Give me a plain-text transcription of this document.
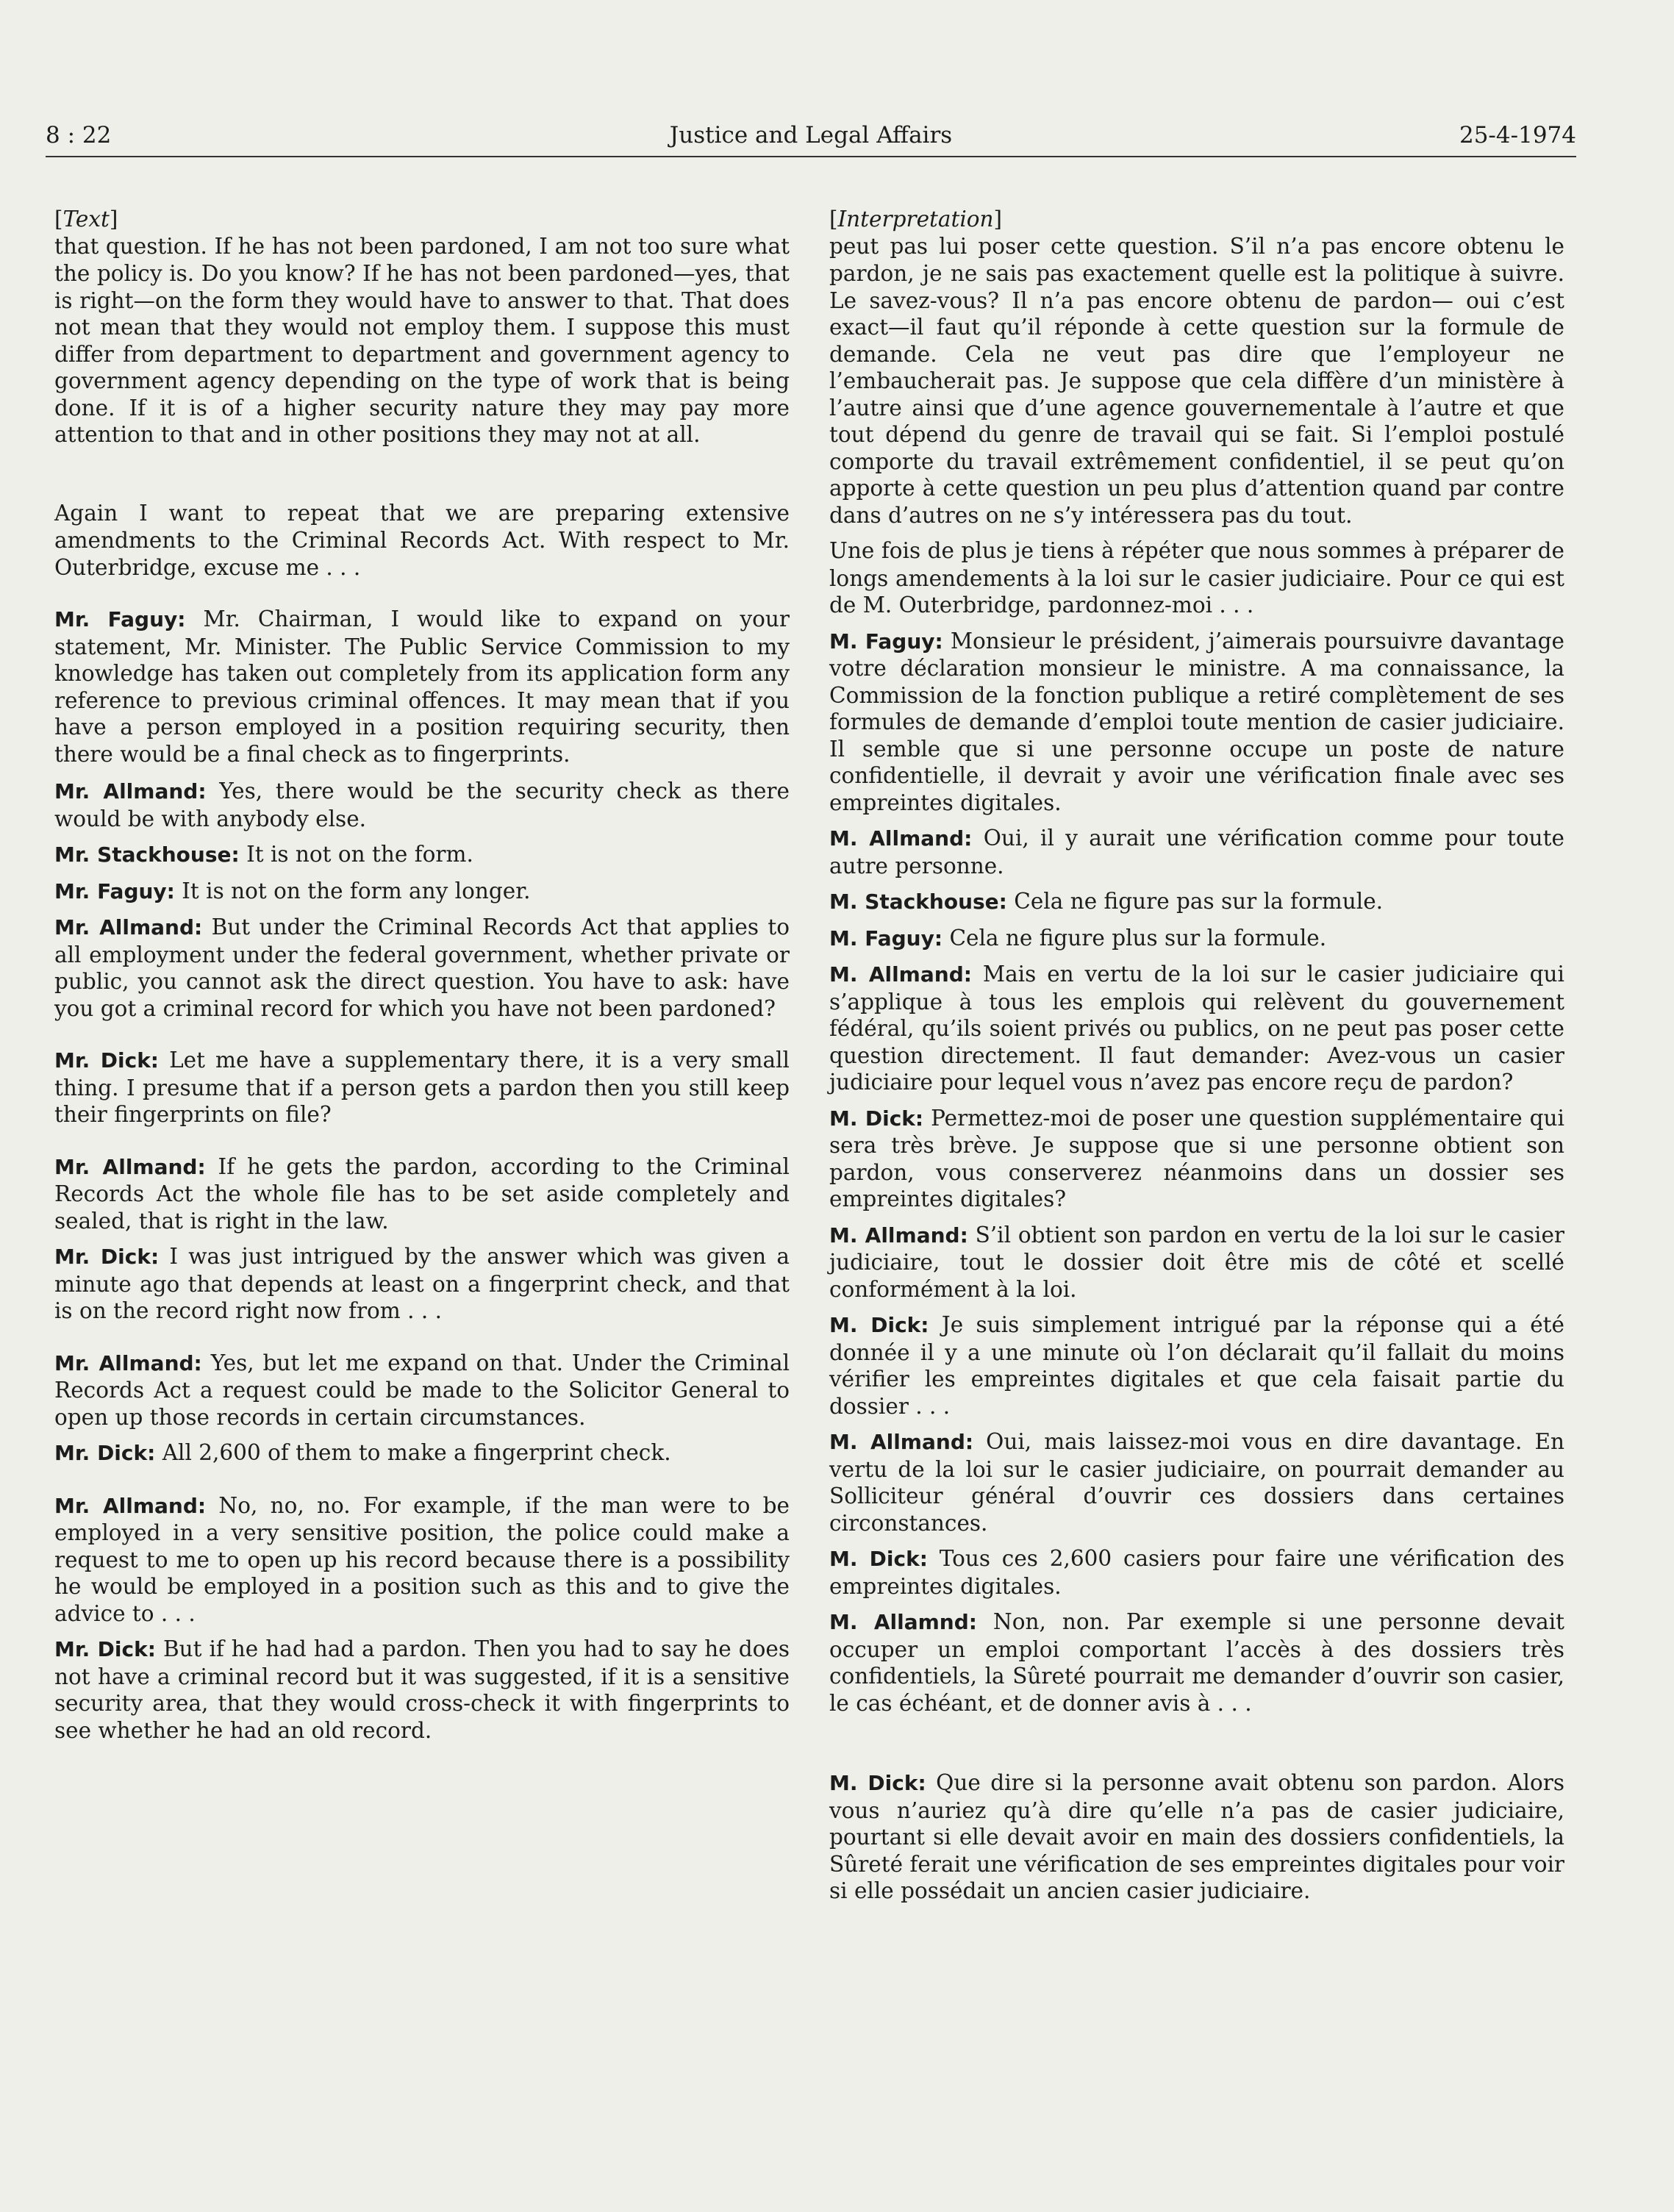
8 : 22	Justice and Legal Affairs	25-4-1974

[Text]

that question. If he has not been pardoned, I am not too sure what the policy is. Do you know? If he has not been pardoned—yes, that is right—on the form they would have to answer to that. That does not mean that they would not employ them. I suppose this must differ from department to department and government agency to government agency depending on the type of work that is being done. If it is of a higher security nature they may pay more attention to that and in other positions they may not at all.

Again I want to repeat that we are preparing extensive amendments to the Criminal Records Act. With respect to Mr. Outerbridge, excuse me . . .

Mr. Faguy: Mr. Chairman, I would like to expand on your statement, Mr. Minister. The Public Service Commission to my knowledge has taken out completely from its application form any reference to previous criminal offences. It may mean that if you have a person employed in a position requiring security, then there would be a final check as to fingerprints.

Mr. Allmand: Yes, there would be the security check as there would be with anybody else.

Mr. Stackhouse: It is not on the form.

Mr. Faguy: It is not on the form any longer.

Mr. Allmand: But under the Criminal Records Act that applies to all employment under the federal government, whether private or public, you cannot ask the direct question. You have to ask: have you got a criminal record for which you have not been pardoned?

Mr. Dick: Let me have a supplementary there, it is a very small thing. I presume that if a person gets a pardon then you still keep their fingerprints on file?

Mr. Allmand: If he gets the pardon, according to the Criminal Records Act the whole file has to be set aside completely and sealed, that is right in the law.

Mr. Dick: I was just intrigued by the answer which was given a minute ago that depends at least on a fingerprint check, and that is on the record right now from . . .

Mr. Allmand: Yes, but let me expand on that. Under the Criminal Records Act a request could be made to the Solicitor General to open up those records in certain circumstances.

Mr. Dick: All 2,600 of them to make a fingerprint check.

Mr. Allmand: No, no, no. For example, if the man were to be employed in a very sensitive position, the police could make a request to me to open up his record because there is a possibility he would be employed in a position such as this and to give the advice to . . .

Mr. Dick: But if he had had a pardon. Then you had to say he does not have a criminal record but it was suggested, if it is a sensitive security area, that they would cross-check it with fingerprints to see whether he had an old record.

[Interpretation]

peut pas lui poser cette question. S’il n’a pas encore obtenu le pardon, je ne sais pas exactement quelle est la politique à suivre. Le savez-vous? Il n’a pas encore obtenu de pardon— oui c’est exact—il faut qu’il réponde à cette question sur la formule de demande. Cela ne veut pas dire que l’employeur ne l’embaucherait pas. Je suppose que cela diffère d’un ministère à l’autre ainsi que d’une agence gouvernementale à l’autre et que tout dépend du genre de travail qui se fait. Si l’emploi postulé comporte du travail extrêmement confidentiel, il se peut qu’on apporte à cette question un peu plus d’attention quand par contre dans d’autres on ne s’y intéressera pas du tout.

Une fois de plus je tiens à répéter que nous sommes à préparer de longs amendements à la loi sur le casier judiciaire. Pour ce qui est de M. Outerbridge, pardonnez-moi . . .

M. Faguy: Monsieur le président, j’aimerais poursuivre davantage votre déclaration monsieur le ministre. A ma connaissance, la Commission de la fonction publique a retiré complètement de ses formules de demande d’emploi toute mention de casier judiciaire. Il semble que si une personne occupe un poste de nature confidentielle, il devrait y avoir une vérification finale avec ses empreintes digitales.

M. Allmand: Oui, il y aurait une vérification comme pour toute autre personne.

M. Stackhouse: Cela ne figure pas sur la formule.

M. Faguy: Cela ne figure plus sur la formule.

M. Allmand: Mais en vertu de la loi sur le casier judiciaire qui s’applique à tous les emplois qui relèvent du gouvernement fédéral, qu’ils soient privés ou publics, on ne peut pas poser cette question directement. Il faut demander: Avez-vous un casier judiciaire pour lequel vous n’avez pas encore reçu de pardon?

M. Dick: Permettez-moi de poser une question supplémentaire qui sera très brève. Je suppose que si une personne obtient son pardon, vous conserverez néanmoins dans un dossier ses empreintes digitales?

M. Allmand: S’il obtient son pardon en vertu de la loi sur le casier judiciaire, tout le dossier doit être mis de côté et scellé conformément à la loi.

M. Dick: Je suis simplement intrigué par la réponse qui a été donnée il y a une minute où l’on déclarait qu’il fallait du moins vérifier les empreintes digitales et que cela faisait partie du dossier . . .

M. Allmand: Oui, mais laissez-moi vous en dire davantage. En vertu de la loi sur le casier judiciaire, on pourrait demander au Solliciteur général d’ouvrir ces dossiers dans certaines circonstances.

M. Dick: Tous ces 2,600 casiers pour faire une vérification des empreintes digitales.

M. Allamnd: Non, non. Par exemple si une personne devait occuper un emploi comportant l’accès à des dossiers très confidentiels, la Sûreté pourrait me demander d’ouvrir son casier, le cas échéant, et de donner avis à . . .

M. Dick: Que dire si la personne avait obtenu son pardon. Alors vous n’auriez qu’à dire qu’elle n’a pas de casier judiciaire, pourtant si elle devait avoir en main des dossiers confidentiels, la Sûreté ferait une vérification de ses empreintes digitales pour voir si elle possédait un ancien casier judiciaire.
